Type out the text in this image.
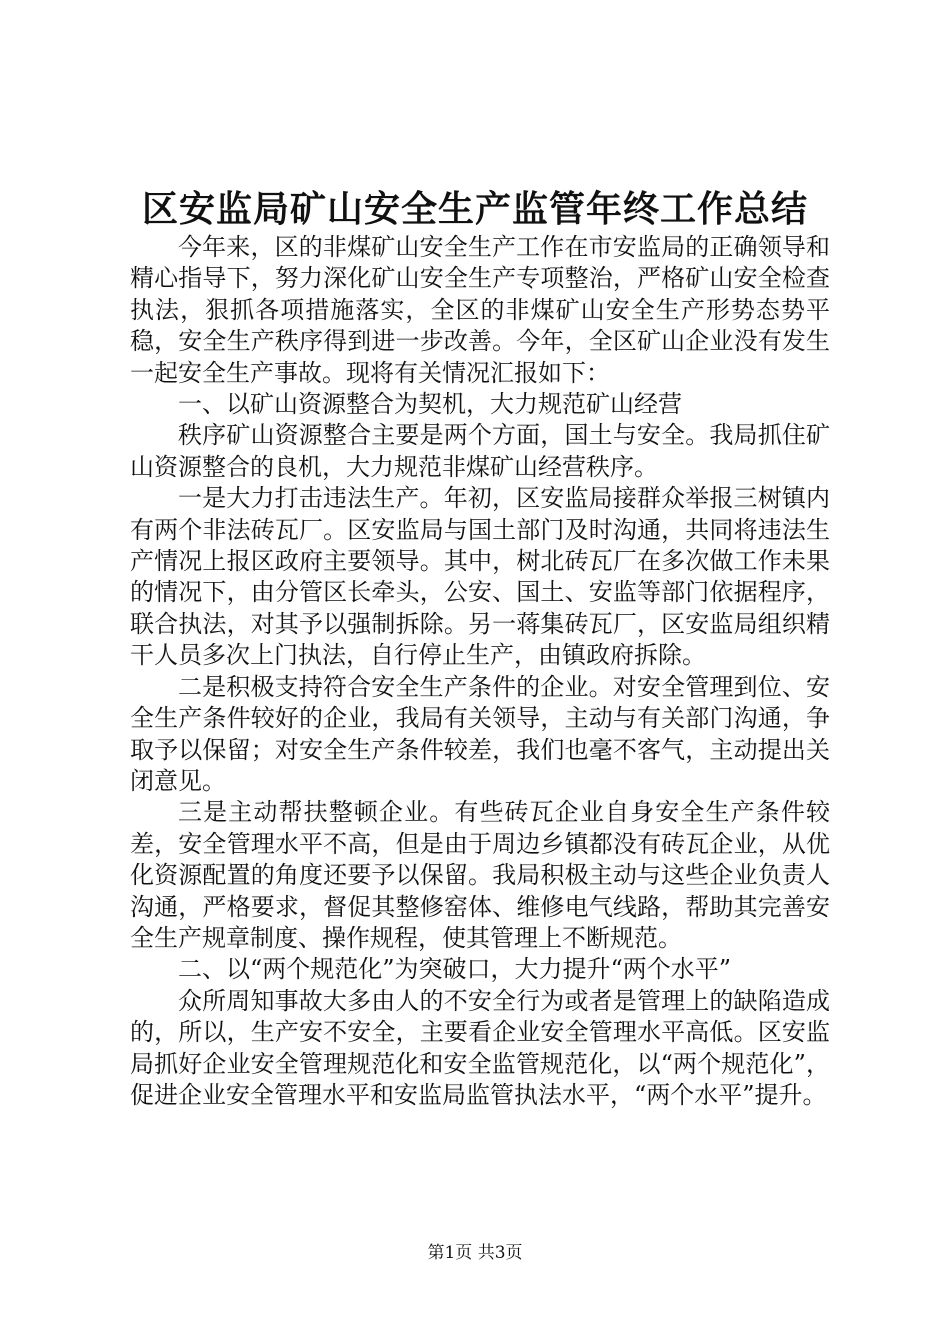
区安监局矿山安全生产监管年终工作总结

今年来，区的非煤矿山安全生产工作在市安监局的正确领导和精心指导下，努力深化矿山安全生产专项整治，严格矿山安全检查执法，狠抓各项措施落实，全区的非煤矿山安全生产形势态势平稳，安全生产秩序得到进一步改善。今年，全区矿山企业没有发生一起安全生产事故。现将有关情况汇报如下：

一、以矿山资源整合为契机，大力规范矿山经营

秩序矿山资源整合主要是两个方面，国土与安全。我局抓住矿山资源整合的良机，大力规范非煤矿山经营秩序。

一是大力打击违法生产。年初，区安监局接群众举报三树镇内有两个非法砖瓦厂。区安监局与国土部门及时沟通，共同将违法生产情况上报区政府主要领导。其中，树北砖瓦厂在多次做工作未果的情况下，由分管区长牵头，公安、国土、安监等部门依据程序，联合执法，对其予以强制拆除。另一蒋集砖瓦厂，区安监局组织精干人员多次上门执法，自行停止生产，由镇政府拆除。

二是积极支持符合安全生产条件的企业。对安全管理到位、安全生产条件较好的企业，我局有关领导，主动与有关部门沟通，争取予以保留；对安全生产条件较差，我们也毫不客气，主动提出关闭意见。

三是主动帮扶整顿企业。有些砖瓦企业自身安全生产条件较差，安全管理水平不高，但是由于周边乡镇都没有砖瓦企业，从优化资源配置的角度还要予以保留。我局积极主动与这些企业负责人沟通，严格要求，督促其整修窑体、维修电气线路，帮助其完善安全生产规章制度、操作规程，使其管理上不断规范。

二、以“两个规范化”为突破口，大力提升“两个水平”

众所周知事故大多由人的不安全行为或者是管理上的缺陷造成的，所以，生产安不安全，主要看企业安全管理水平高低。区安监局抓好企业安全管理规范化和安全监管规范化，以“两个规范化”，促进企业安全管理水平和安监局监管执法水平，“两个水平”提升。

第1页 共3页
